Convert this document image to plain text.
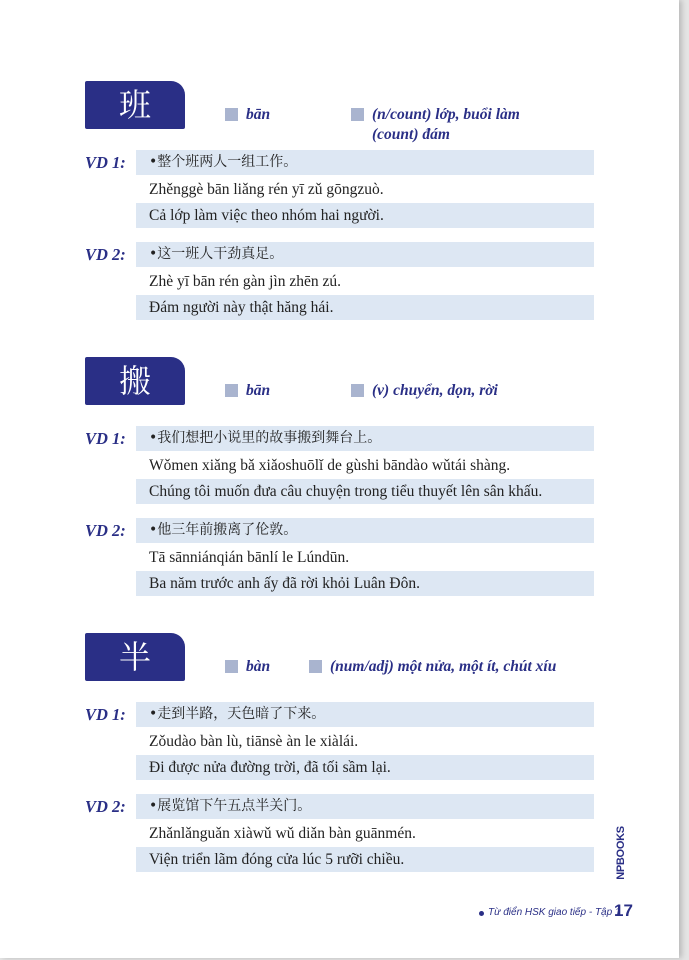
班	bān	(n/count) lớp, buổi làm
(count) đám
VD 1: •整个班两人一组工作。
Zhěnggè bān liǎng rén yī zǔ gōngzuò.
Cả lớp làm việc theo nhóm hai người.
VD 2: •这一班人干劲真足。
Zhè yī bān rén gàn jìn zhēn zú.
Đám người này thật hăng hái.
搬	bān	(v) chuyển, dọn, rời
VD 1: •我们想把小说里的故事搬到舞台上。
Wǒmen xiǎng bǎ xiǎoshuōlǐ de gùshi bāndào wǔtái shàng.
Chúng tôi muốn đưa câu chuyện trong tiểu thuyết lên sân khấu.
VD 2: •他三年前搬离了伦敦。
Tā sānniánqián bānlí le Lúndūn.
Ba năm trước anh ấy đã rời khỏi Luân Đôn.
半	bàn	(num/adj) một nửa, một ít, chút xíu
VD 1: •走到半路，天色暗了下来。
Zǒudào bàn lù, tiānsè àn le xiàlái.
Đi được nửa đường trời, đã tối sầm lại.
VD 2: •展览馆下午五点半关门。
Zhǎnlǎnguǎn xiàwǔ wǔ diǎn bàn guānmén.
Viện triển lãm đóng cửa lúc 5 rưỡi chiều.	NPBOOKS
Từ điển HSK giao tiếp - Tập 1
17
